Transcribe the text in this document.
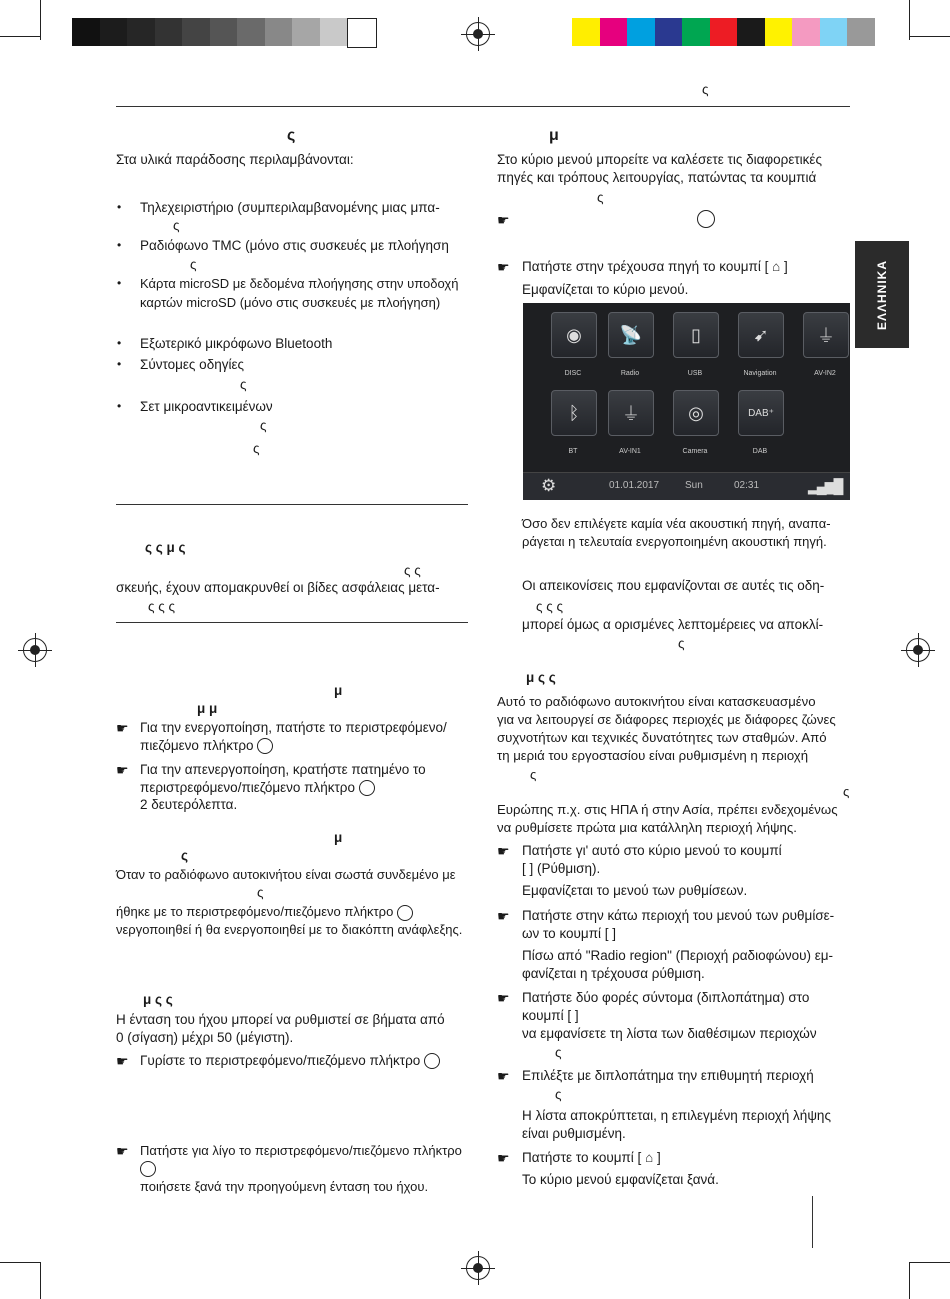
ς
ΕΛΛΗΝΙΚΑ
ς
Στα υλικά παράδοσης περιλαμβάνονται:
• Τηλεχειριστήριο (συμπεριλαμβανομένης μιας μπα-
ς
• Ραδιόφωνο TMC (μόνο στις συσκευές με πλοήγηση
ς
• Κάρτα microSD με δεδομένα πλοήγησης στην υποδοχή
καρτών microSD (μόνο στις συσκευές με πλοήγηση)
• Εξωτερικό μικρόφωνο Bluetooth
• Σύντομες οδηγίες
ς
• Σετ μικροαντικειμένων
ς
ς
ς ς μ ς
ς ς
σκευής, έχουν απομακρυνθεί οι βίδες ασφάλειας μετα-
ς ς ς
μ
μ μ
☛ Για την ενεργοποίηση, πατήστε το περιστρεφόμενο/
πιεζόμενο πλήκτρο
☛ Για την απενεργοποίηση, κρατήστε πατημένο το
περιστρεφόμενο/πιεζόμενο πλήκτρο
2 δευτερόλεπτα.
μ
ς
Όταν το ραδιόφωνο αυτοκινήτου είναι σωστά συνδεμένο με
ς
ήθηκε με το περιστρεφόμενο/πιεζόμενο πλήκτρο
νεργοποιηθεί ή θα ενεργοποιηθεί με το διακόπτη ανάφλεξης.
μ ς ς
Η ένταση του ήχου μπορεί να ρυθμιστεί σε βήματα από
0 (σίγαση) μέχρι 50 (μέγιστη).
☛ Γυρίστε το περιστρεφόμενο/πιεζόμενο πλήκτρο
☛ Πατήστε για λίγο το περιστρεφόμενο/πιεζόμενο πλήκτρο
ποιήσετε ξανά την προηγούμενη ένταση του ήχου.
μ
Στο κύριο μενού μπορείτε να καλέσετε τις διαφορετικές
πηγές και τρόπους λειτουργίας, πατώντας τα κουμπιά
ς
☛
☛ Πατήστε στην τρέχουσα πηγή το κουμπί [ ⌂ ]
Εμφανίζεται το κύριο μενού.
◉
DISC
📡
Radio
▯
USB
➹
Navigation
⏚
AV-IN2
ᛒ
BT
⏚
AV-IN1
◎
Camera
DAB⁺
DAB
⚙	01.01.2017	Sun	02:31	▂▄▆█
Όσο δεν επιλέγετε καμία νέα ακουστική πηγή, αναπα-
ράγεται η τελευταία ενεργοποιημένη ακουστική πηγή.
Οι απεικονίσεις που εμφανίζονται σε αυτές τις οδη-
ς ς ς
μπορεί όμως α ορισμένες λεπτομέρειες να αποκλί-
ς
μ ς ς
Αυτό το ραδιόφωνο αυτοκινήτου είναι κατασκευασμένο
για να λειτουργεί σε διάφορες περιοχές με διάφορες ζώνες
συχνοτήτων και τεχνικές δυνατότητες των σταθμών. Από
τη μεριά του εργοστασίου είναι ρυθμισμένη η περιοχή
ς
ς
Ευρώπης π.χ. στις ΗΠΑ ή στην Ασία, πρέπει ενδεχομένως
να ρυθμίσετε πρώτα μια κατάλληλη περιοχή λήψης.
☛ Πατήστε γι' αυτό στο κύριο μενού το κουμπί
[ ] (Ρύθμιση).
Εμφανίζεται το μενού των ρυθμίσεων.
☛ Πατήστε στην κάτω περιοχή του μενού των ρυθμίσε-
ων το κουμπί [ ]
Πίσω από "Radio region" (Περιοχή ραδιοφώνου) εμ-
φανίζεται η τρέχουσα ρύθμιση.
☛ Πατήστε δύο φορές σύντομα (διπλοπάτημα) στο
κουμπί [ ]
να εμφανίσετε τη λίστα των διαθέσιμων περιοχών
ς
☛ Επιλέξτε με διπλοπάτημα την επιθυμητή περιοχή
ς
Η λίστα αποκρύπτεται, η επιλεγμένη περιοχή λήψης
είναι ρυθμισμένη.
☛ Πατήστε το κουμπί [ ⌂ ]
Το κύριο μενού εμφανίζεται ξανά.
